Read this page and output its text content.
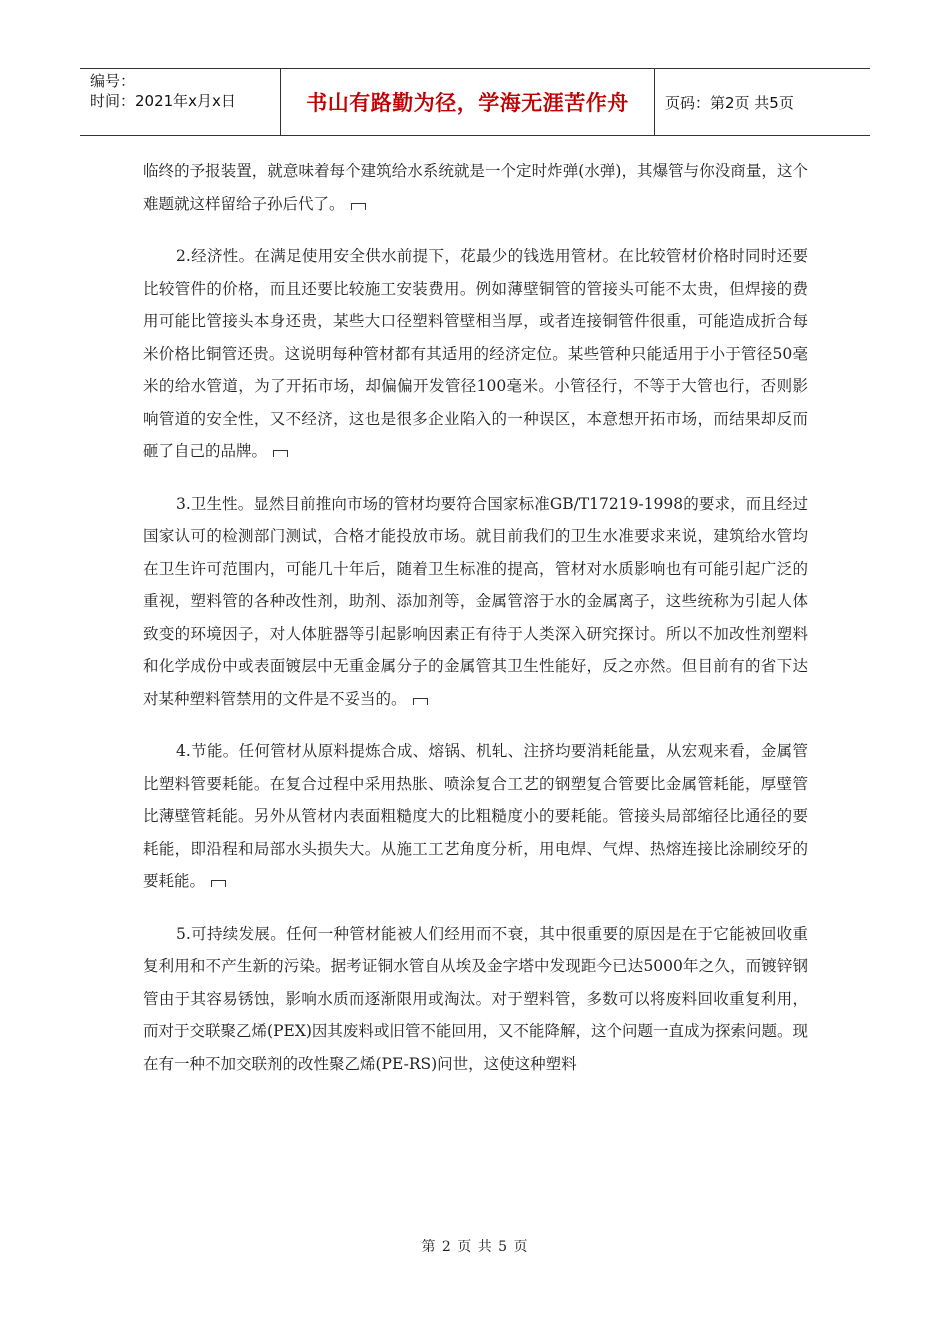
编号：
时间：2021年x月x日	书山有路勤为径，学海无涯苦作舟 页码：第2页 共5页

临终的予报装置，就意味着每个建筑给水系统就是一个定时炸弹(水弹)，其爆管与你没商量，这个难题就这样留给子孙后代了。

2.经济性。在满足使用安全供水前提下，花最少的钱选用管材。在比较管材价格时同时还要比较管件的价格，而且还要比较施工安装费用。例如薄壁铜管的管接头可能不太贵，但焊接的费用可能比管接头本身还贵，某些大口径塑料管壁相当厚，或者连接铜管件很重，可能造成折合每米价格比铜管还贵。这说明每种管材都有其适用的经济定位。某些管种只能适用于小于管径50毫米的给水管道，为了开拓市场，却偏偏开发管径100毫米。小管径行，不等于大管也行，否则影响管道的安全性，又不经济，这也是很多企业陷入的一种误区，本意想开拓市场，而结果却反而砸了自己的品牌。

3.卫生性。显然目前推向市场的管材均要符合国家标准GB/T17219-1998的要求，而且经过国家认可的检测部门测试，合格才能投放市场。就目前我们的卫生水准要求来说，建筑给水管均在卫生许可范围内，可能几十年后，随着卫生标准的提高，管材对水质影响也有可能引起广泛的重视，塑料管的各种改性剂，助剂、添加剂等，金属管溶于水的金属离子，这些统称为引起人体致变的环境因子，对人体脏器等引起影响因素正有待于人类深入研究探讨。所以不加改性剂塑料和化学成份中或表面镀层中无重金属分子的金属管其卫生性能好，反之亦然。但目前有的省下达对某种塑料管禁用的文件是不妥当的。

4.节能。任何管材从原料提炼合成、熔锅、机轧、注挤均要消耗能量，从宏观来看，金属管比塑料管要耗能。在复合过程中采用热胀、喷涂复合工艺的钢塑复合管要比金属管耗能，厚壁管比薄壁管耗能。另外从管材内表面粗糙度大的比粗糙度小的要耗能。管接头局部缩径比通径的要耗能，即沿程和局部水头损失大。从施工工艺角度分析，用电焊、气焊、热熔连接比涂刷绞牙的要耗能。

5.可持续发展。任何一种管材能被人们经用而不衰，其中很重要的原因是在于它能被回收重复利用和不产生新的污染。据考证铜水管自从埃及金字塔中发现距今已达5000年之久，而镀锌钢管由于其容易锈蚀，影响水质而逐渐限用或淘汰。对于塑料管，多数可以将废料回收重复利用，而对于交联聚乙烯(PEX)因其废料或旧管不能回用，又不能降解，这个问题一直成为探索问题。现在有一种不加交联剂的改性聚乙烯(PE-RS)问世，这使这种塑料

第 2 页 共 5 页
